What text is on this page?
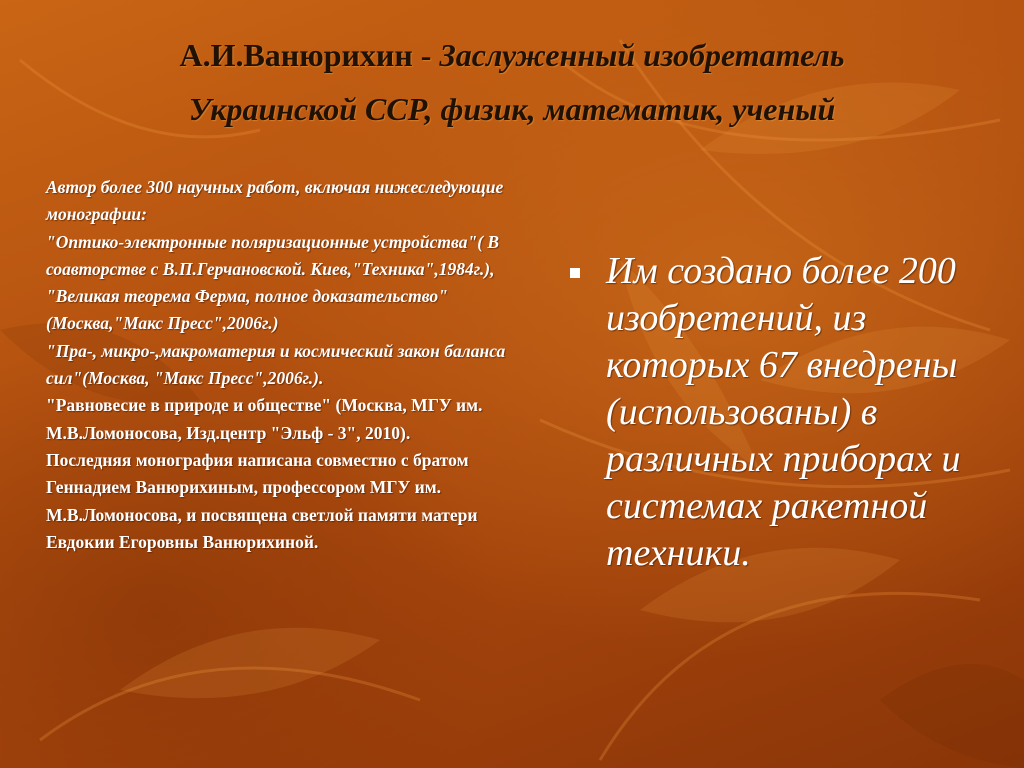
А.И.Ванюрихин - Заслуженный изобретатель
Украинской ССР, физик, математик, ученый
Автор более 300 научных работ, включая нижеследующие монографии:
"Оптико-электронные поляризационные устройства"( В соавторстве с В.П.Герчановской. Киев,"Техника",1984г.),
"Великая теорема Ферма, полное доказательство"(Москва,"Макс Пресс",2006г.)
"Пра-, микро-,макроматерия и космический закон баланса сил"(Москва, "Макс Пресс",2006г.).
"Равновесие в природе и обществе" (Москва, МГУ им. М.В.Ломоносова, Изд.центр "Эльф - 3", 2010).
Последняя монография написана совместно с братом Геннадием Ванюрихиным, профессором МГУ им. М.В.Ломоносова, и посвящена светлой памяти матери Евдокии Егоровны Ванюрихиной.
Им создано более 200 изобретений, из которых 67 внедрены (использованы) в различных приборах и системах ракетной техники.
